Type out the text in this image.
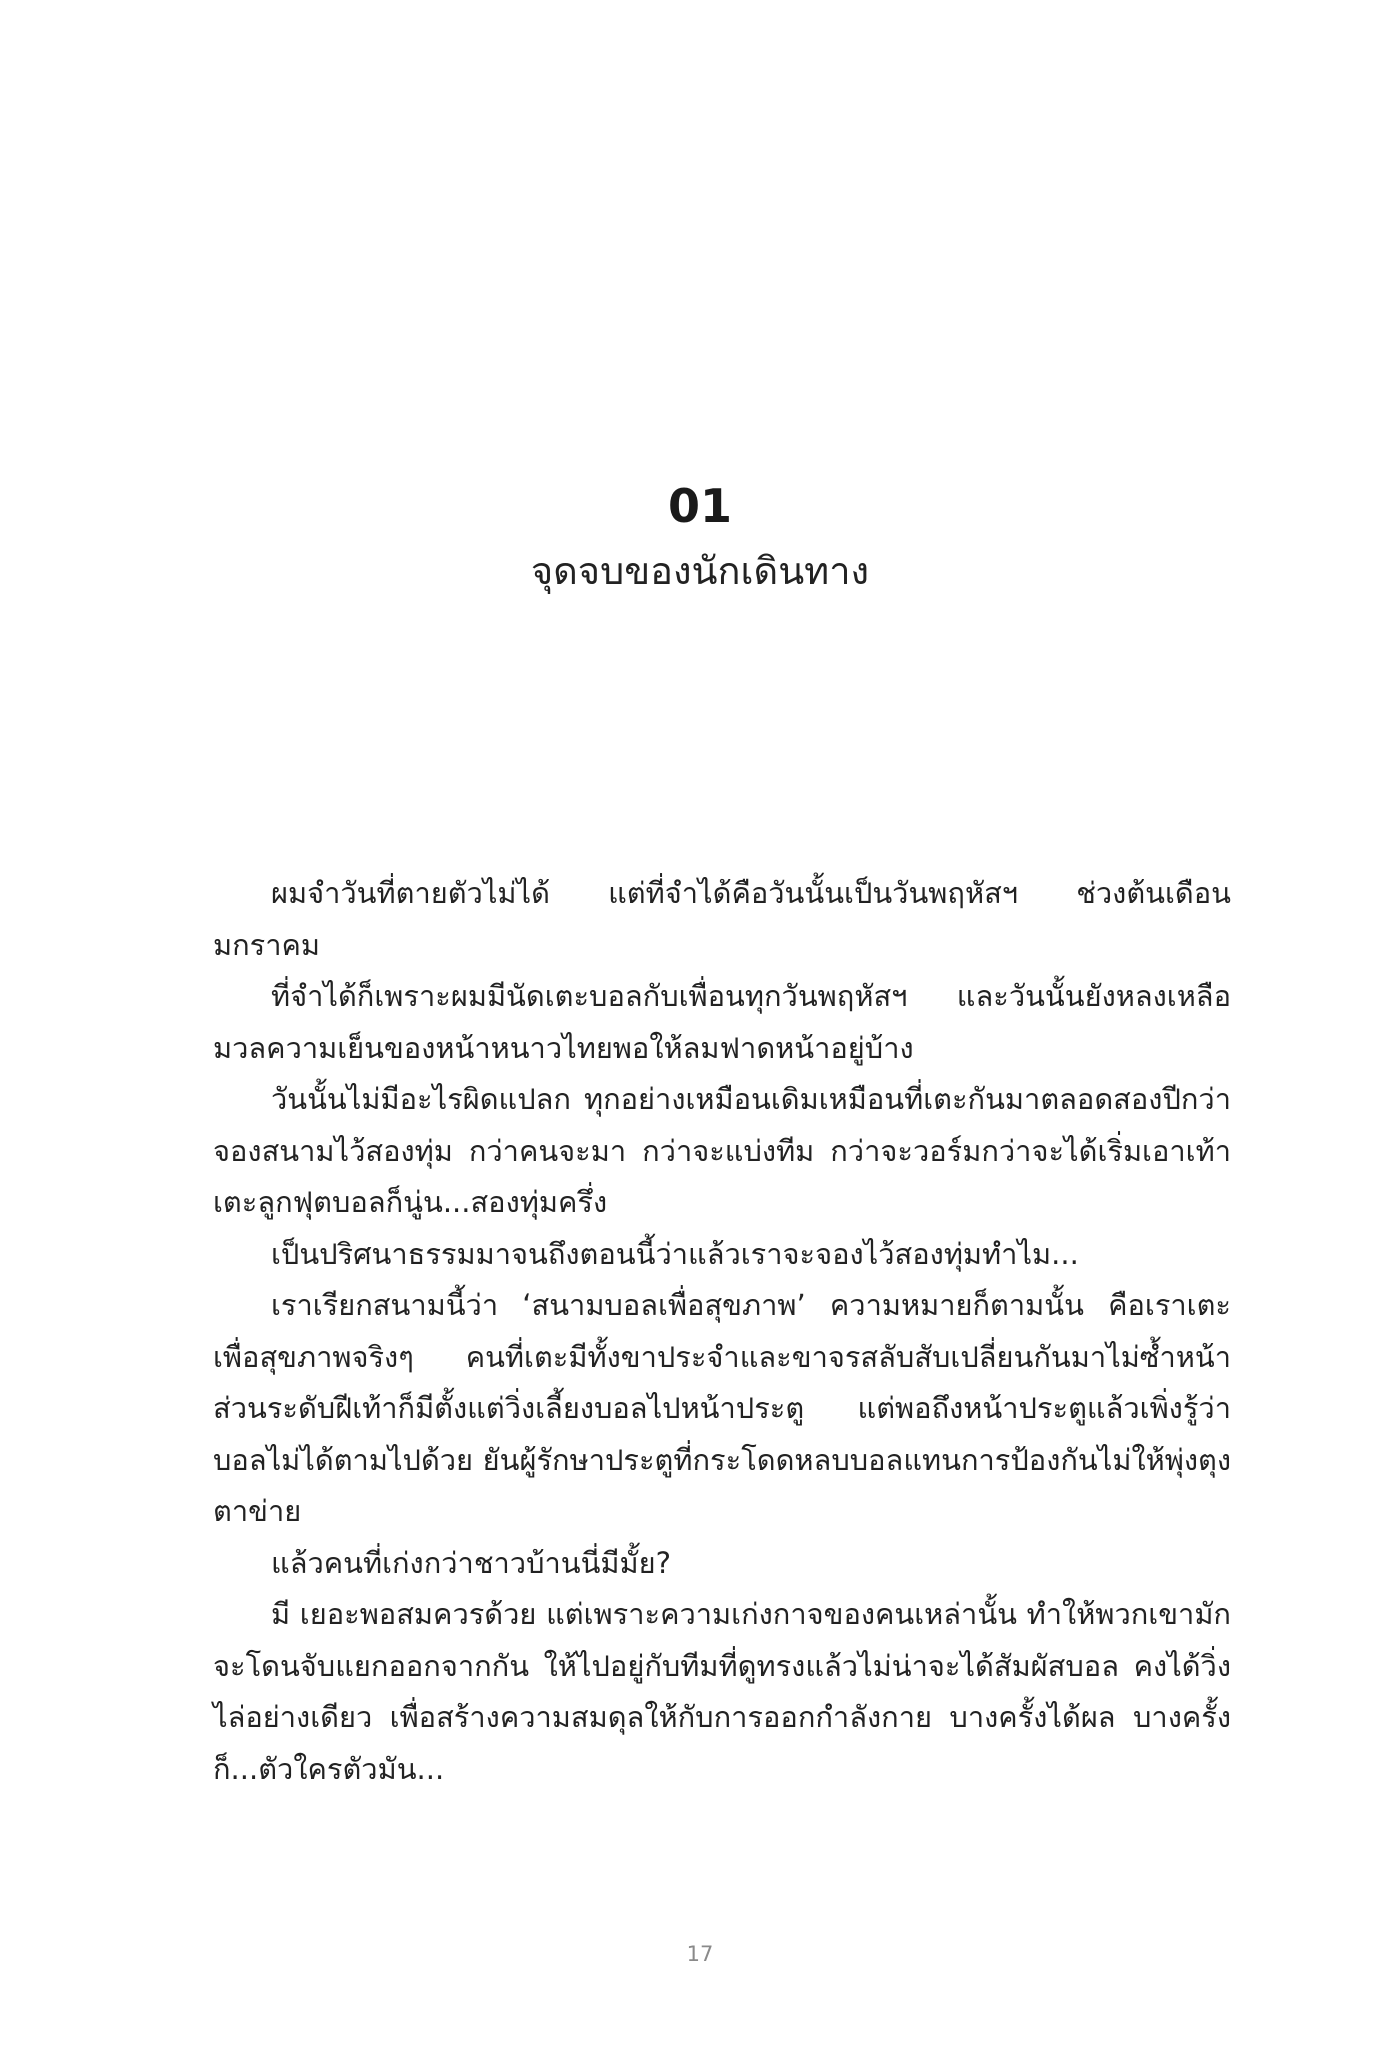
01
จุดจบของนักเดินทาง

ผมจำวันที่ตายตัวไม่ได้ แต่ที่จำได้คือวันนั้นเป็นวันพฤหัสฯ ช่วงต้นเดือนมกราคม

ที่จำได้ก็เพราะผมมีนัดเตะบอลกับเพื่อนทุกวันพฤหัสฯ และวันนั้นยังหลงเหลือมวลความเย็นของหน้าหนาวไทยพอให้ลมฟาดหน้าอยู่บ้าง

วันนั้นไม่มีอะไรผิดแปลก ทุกอย่างเหมือนเดิมเหมือนที่เตะกันมาตลอดสองปีกว่า จองสนามไว้สองทุ่ม กว่าคนจะมา กว่าจะแบ่งทีม กว่าจะวอร์มกว่าจะได้เริ่มเอาเท้าเตะลูกฟุตบอลก็นู่น...สองทุ่มครึ่ง

เป็นปริศนาธรรมมาจนถึงตอนนี้ว่าแล้วเราจะจองไว้สองทุ่มทำไม...

เราเรียกสนามนี้ว่า ‘สนามบอลเพื่อสุขภาพ’ ความหมายก็ตามนั้น คือเราเตะเพื่อสุขภาพจริงๆ คนที่เตะมีทั้งขาประจำและขาจรสลับสับเปลี่ยนกันมาไม่ซ้ำหน้า ส่วนระดับฝีเท้าก็มีตั้งแต่วิ่งเลี้ยงบอลไปหน้าประตู แต่พอถึงหน้าประตูแล้วเพิ่งรู้ว่าบอลไม่ได้ตามไปด้วย ยันผู้รักษาประตูที่กระโดดหลบบอลแทนการป้องกันไม่ให้พุ่งตุงตาข่าย

แล้วคนที่เก่งกว่าชาวบ้านนี่มีมั้ย?

มี เยอะพอสมควรด้วย แต่เพราะความเก่งกาจของคนเหล่านั้น ทำให้พวกเขามักจะโดนจับแยกออกจากกัน ให้ไปอยู่กับทีมที่ดูทรงแล้วไม่น่าจะได้สัมผัสบอล คงได้วิ่งไล่อย่างเดียว เพื่อสร้างความสมดุลให้กับการออกกำลังกาย บางครั้งได้ผล บางครั้งก็...ตัวใครตัวมัน...

17
